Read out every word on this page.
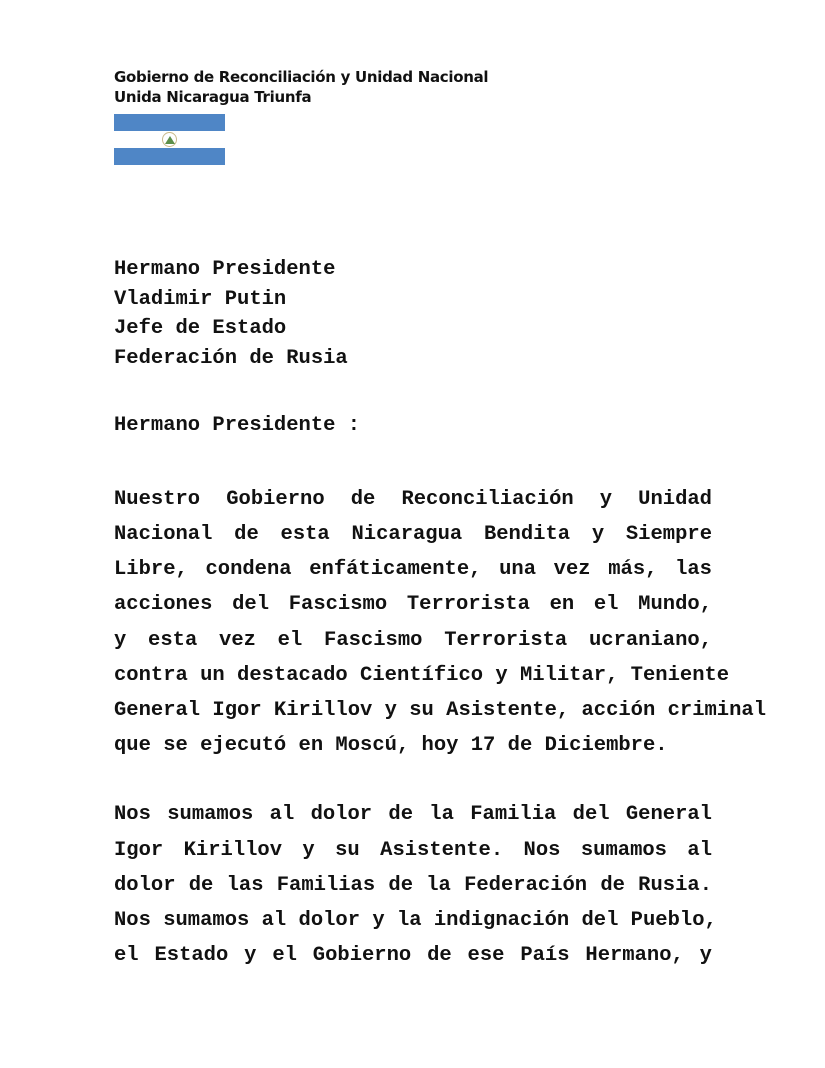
Gobierno de Reconciliación y Unidad Nacional
Unida Nicaragua Triunfa
Hermano Presidente
Vladimir Putin
Jefe de Estado
Federación de Rusia
Hermano Presidente :
Nuestro Gobierno de Reconciliación y Unidad
Nacional de esta Nicaragua Bendita y Siempre
Libre, condena enfáticamente, una vez más, las
acciones del Fascismo Terrorista en el Mundo,
y esta vez el Fascismo Terrorista ucraniano,
contra un destacado Científico y Militar, Teniente
General Igor Kirillov y su Asistente, acción criminal
que se ejecutó en Moscú, hoy 17 de Diciembre.
Nos sumamos al dolor de la Familia del General
Igor Kirillov y su Asistente. Nos sumamos al
dolor de las Familias de la Federación de Rusia.
Nos sumamos al dolor y la indignación del Pueblo,
el Estado y el Gobierno de ese País Hermano, y
